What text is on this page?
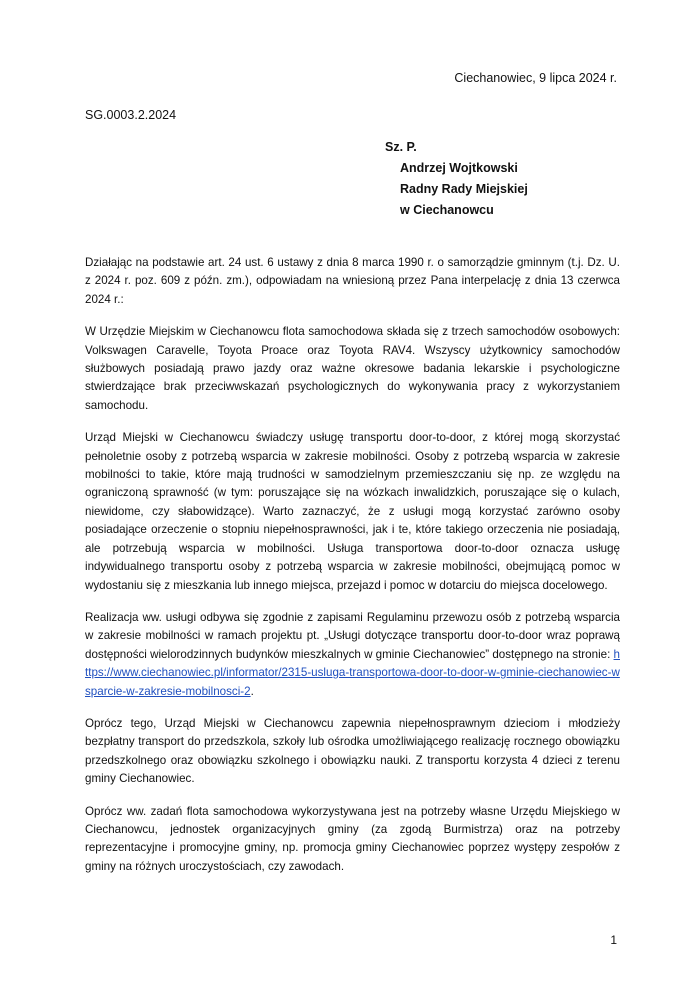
Ciechanowiec, 9 lipca 2024 r.
SG.0003.2.2024
Sz. P.
Andrzej Wojtkowski
Radny Rady Miejskiej
w Ciechanowcu

Działając na podstawie art. 24 ust. 6 ustawy z dnia 8 marca 1990 r. o samorządzie gminnym (t.j. Dz. U. z 2024 r. poz. 609 z późn. zm.), odpowiadam na wniesioną przez Pana interpelację z dnia 13 czerwca 2024 r.:

W Urzędzie Miejskim w Ciechanowcu flota samochodowa składa się z trzech samochodów osobowych: Volkswagen Caravelle, Toyota Proace oraz Toyota RAV4. Wszyscy użytkownicy samochodów służbowych posiadają prawo jazdy oraz ważne okresowe badania lekarskie i psychologiczne stwierdzające brak przeciwwskazań psychologicznych do wykonywania pracy z wykorzystaniem samochodu.

Urząd Miejski w Ciechanowcu świadczy usługę transportu door-to-door, z której mogą skorzystać pełnoletnie osoby z potrzebą wsparcia w zakresie mobilności. Osoby z potrzebą wsparcia w zakresie mobilności to takie, które mają trudności w samodzielnym przemieszczaniu się np. ze względu na ograniczoną sprawność (w tym: poruszające się na wózkach inwalidzkich, poruszające się o kulach, niewidome, czy słabowidzące). Warto zaznaczyć, że z usługi mogą korzystać zarówno osoby posiadające orzeczenie o stopniu niepełnosprawności, jak i te, które takiego orzeczenia nie posiadają, ale potrzebują wsparcia w mobilności. Usługa transportowa door-to-door oznacza usługę indywidualnego transportu osoby z potrzebą wsparcia w zakresie mobilności, obejmującą pomoc w wydostaniu się z mieszkania lub innego miejsca, przejazd i pomoc w dotarciu do miejsca docelowego.

Realizacja ww. usługi odbywa się zgodnie z zapisami Regulaminu przewozu osób z potrzebą wsparcia w zakresie mobilności w ramach projektu pt. „Usługi dotyczące transportu door-to-door wraz poprawą dostępności wielorodzinnych budynków mieszkalnych w gminie Ciechanowiec” dostępnego na stronie: https://www.ciechanowiec.pl/informator/2315-usluga-transportowa-door-to-door-w-gminie-ciechanowiec-wsparcie-w-zakresie-mobilnosci-2.

Oprócz tego, Urząd Miejski w Ciechanowcu zapewnia niepełnosprawnym dzieciom i młodzieży bezpłatny transport do przedszkola, szkoły lub ośrodka umożliwiającego realizację rocznego obowiązku przedszkolnego oraz obowiązku szkolnego i obowiązku nauki. Z transportu korzysta 4 dzieci z terenu gminy Ciechanowiec.

Oprócz ww. zadań flota samochodowa wykorzystywana jest na potrzeby własne Urzędu Miejskiego w Ciechanowcu, jednostek organizacyjnych gminy (za zgodą Burmistrza) oraz na potrzeby reprezentacyjne i promocyjne gminy, np. promocja gminy Ciechanowiec poprzez występy zespołów z gminy na różnych uroczystościach, czy zawodach.

1
